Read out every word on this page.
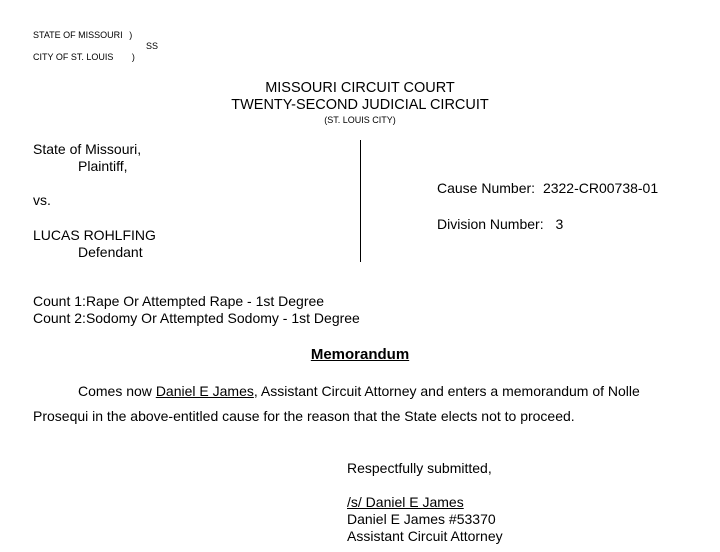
STATE OF MISSOURI )
SS
CITY OF ST. LOUIS )
MISSOURI CIRCUIT COURT
TWENTY-SECOND JUDICIAL CIRCUIT
(ST. LOUIS CITY)
State of Missouri,
Plaintiff,
vs.
LUCAS ROHLFING
Defendant
Cause Number: 2322-CR00738-01
Division Number: 3
Count 1:Rape Or Attempted Rape - 1st Degree
Count 2:Sodomy Or Attempted Sodomy - 1st Degree
Memorandum
Comes now Daniel E James, Assistant Circuit Attorney and enters a memorandum of Nolle
Prosequi in the above-entitled cause for the reason that the State elects not to proceed.
Respectfully submitted,
/s/ Daniel E James
Daniel E James #53370
Assistant Circuit Attorney
